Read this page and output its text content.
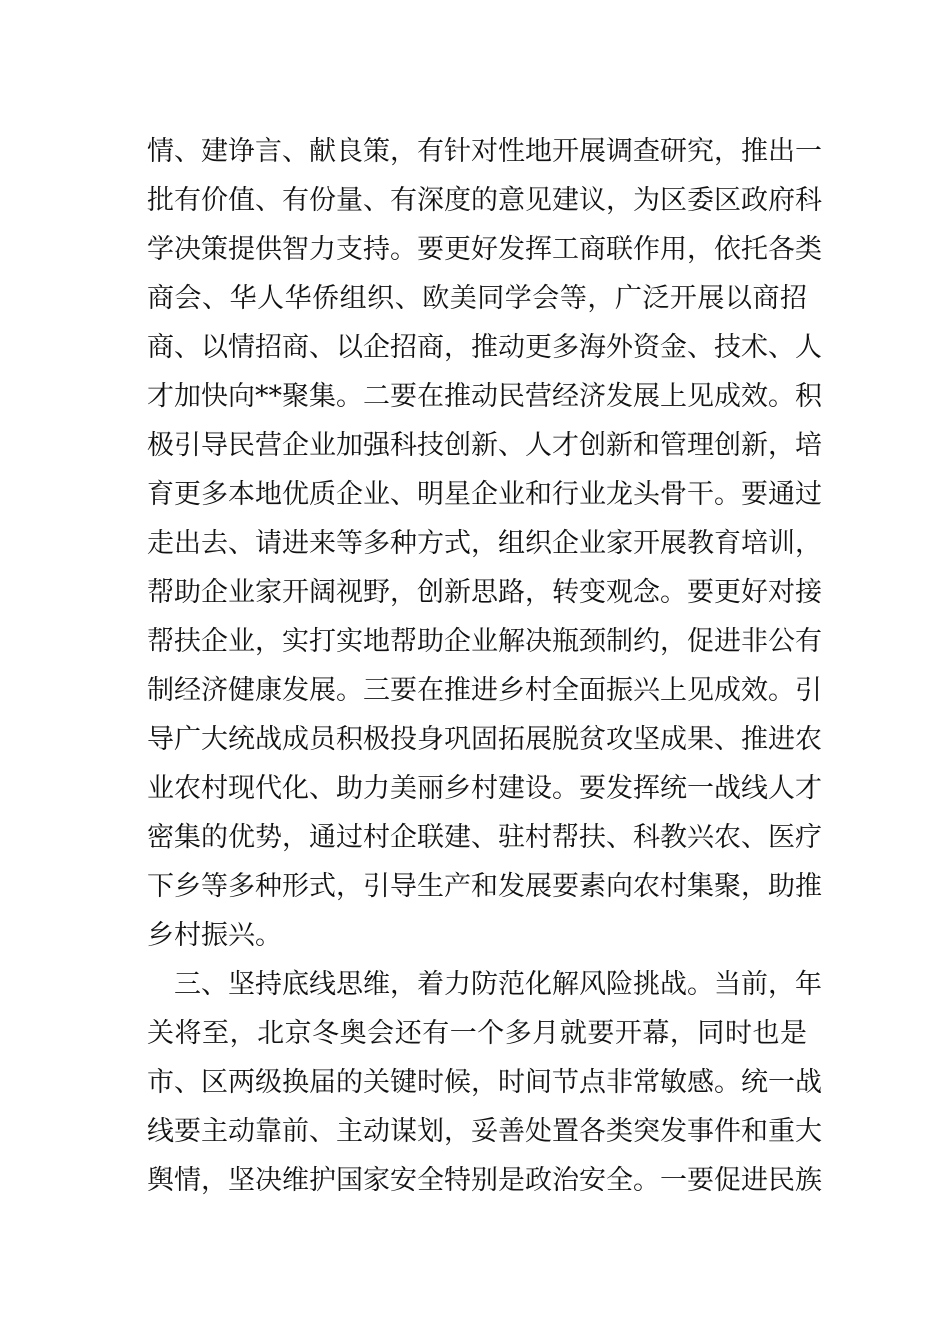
情、建诤言、献良策，有针对性地开展调查研究，推出一
批有价值、有份量、有深度的意见建议，为区委区政府科
学决策提供智力支持。要更好发挥工商联作用，依托各类
商会、华人华侨组织、欧美同学会等，广泛开展以商招
商、以情招商、以企招商，推动更多海外资金、技术、人
才加快向**聚集。二要在推动民营经济发展上见成效。积
极引导民营企业加强科技创新、人才创新和管理创新，培
育更多本地优质企业、明星企业和行业龙头骨干。要通过
走出去、请进来等多种方式，组织企业家开展教育培训，
帮助企业家开阔视野，创新思路，转变观念。要更好对接
帮扶企业，实打实地帮助企业解决瓶颈制约，促进非公有
制经济健康发展。三要在推进乡村全面振兴上见成效。引
导广大统战成员积极投身巩固拓展脱贫攻坚成果、推进农
业农村现代化、助力美丽乡村建设。要发挥统一战线人才
密集的优势，通过村企联建、驻村帮扶、科教兴农、医疗
下乡等多种形式，引导生产和发展要素向农村集聚，助推
乡村振兴。
　三、坚持底线思维，着力防范化解风险挑战。当前，年
关将至，北京冬奥会还有一个多月就要开幕，同时也是
市、区两级换届的关键时候，时间节点非常敏感。统一战
线要主动靠前、主动谋划，妥善处置各类突发事件和重大
舆情，坚决维护国家安全特别是政治安全。一要促进民族
